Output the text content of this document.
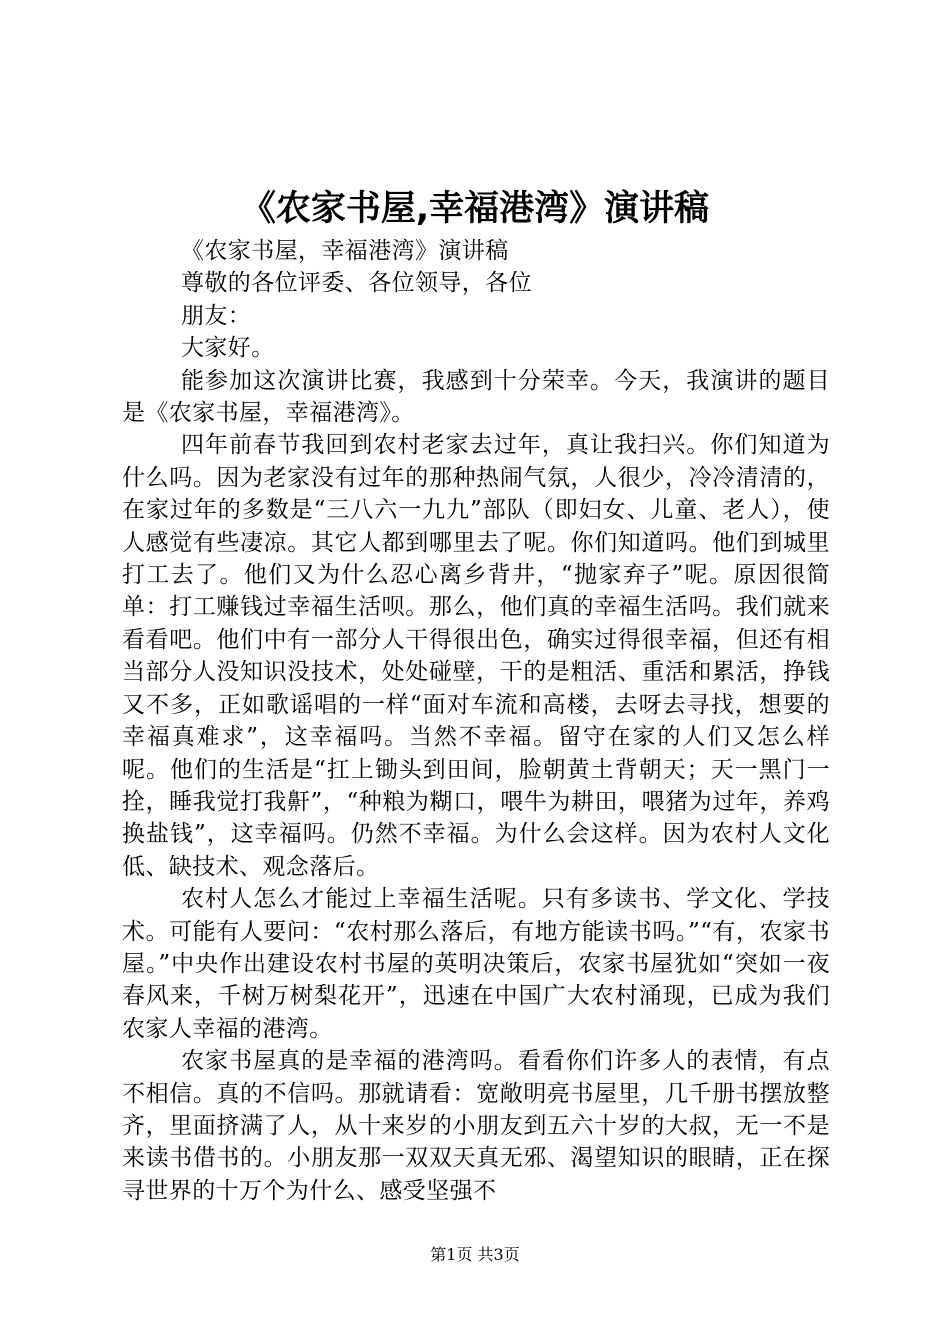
《农家书屋,幸福港湾》演讲稿

《农家书屋，幸福港湾》演讲稿

尊敬的各位评委、各位领导，各位

朋友：

大家好。

能参加这次演讲比赛，我感到十分荣幸。今天，我演讲的题目是《农家书屋，幸福港湾》。

四年前春节我回到农村老家去过年，真让我扫兴。你们知道为什么吗。因为老家没有过年的那种热闹气氛，人很少，冷冷清清的，在家过年的多数是“三八六一九九”部队（即妇女、儿童、老人），使人感觉有些凄凉。其它人都到哪里去了呢。你们知道吗。他们到城里打工去了。他们又为什么忍心离乡背井，“抛家弃子”呢。原因很简单：打工赚钱过幸福生活呗。那么，他们真的幸福生活吗。我们就来看看吧。他们中有一部分人干得很出色，确实过得很幸福，但还有相当部分人没知识没技术，处处碰壁，干的是粗活、重活和累活，挣钱又不多，正如歌谣唱的一样“面对车流和高楼，去呀去寻找，想要的幸福真难求”，这幸福吗。当然不幸福。留守在家的人们又怎么样呢。他们的生活是“扛上锄头到田间，脸朝黄土背朝天；天一黑门一拴，睡我觉打我鼾”，“种粮为糊口，喂牛为耕田，喂猪为过年，养鸡换盐钱”，这幸福吗。仍然不幸福。为什么会这样。因为农村人文化低、缺技术、观念落后。

农村人怎么才能过上幸福生活呢。只有多读书、学文化、学技术。可能有人要问：“农村那么落后，有地方能读书吗。”“有，农家书屋。”中央作出建设农村书屋的英明决策后，农家书屋犹如“突如一夜春风来，千树万树梨花开”，迅速在中国广大农村涌现，已成为我们农家人幸福的港湾。

农家书屋真的是幸福的港湾吗。看看你们许多人的表情，有点不相信。真的不信吗。那就请看：宽敞明亮书屋里，几千册书摆放整齐，里面挤满了人，从十来岁的小朋友到五六十岁的大叔，无一不是来读书借书的。小朋友那一双双天真无邪、渴望知识的眼睛，正在探寻世界的十万个为什么、感受坚强不

第1页 共3页
